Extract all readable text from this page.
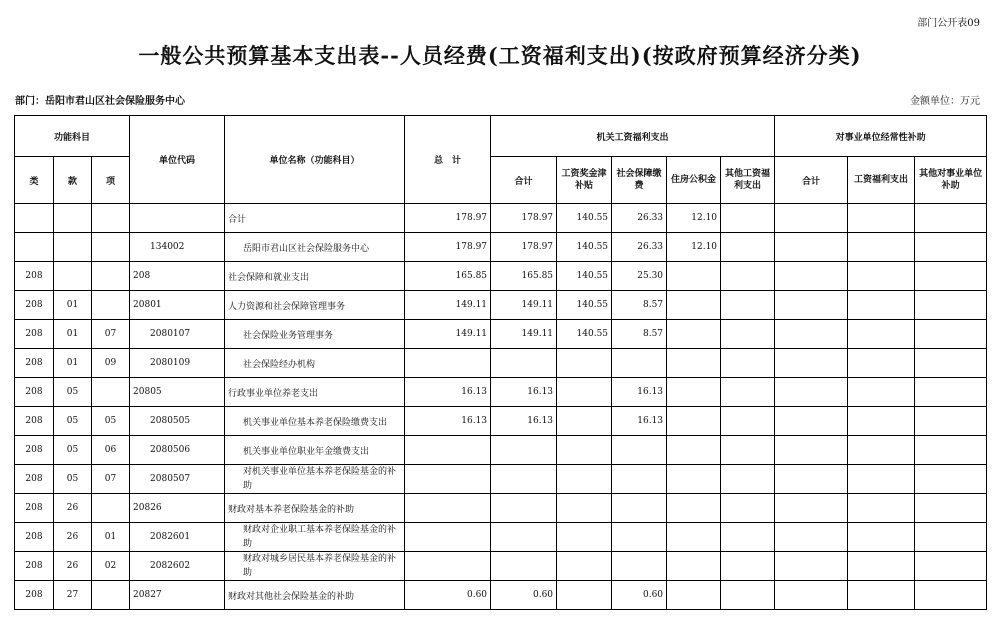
部门公开表09
一般公共预算基本支出表--人员经费(工资福利支出)(按政府预算经济分类)
部门：岳阳市君山区社会保险服务中心	金额单位：万元
功能科目			单位代码	单位名称（功能科目）	总　计	机关工资福利支出					对事业单位经常性补助		
类	款	项				合计	工资奖金津补贴	社会保障缴费	住房公积金	其他工资福利支出	合计	工资福利支出	其他对事业单位补助
				合计	178.97	178.97	140.55	26.33	12.10				
			134002	岳阳市君山区社会保险服务中心	178.97	178.97	140.55	26.33	12.10				
208			208	社会保障和就业支出	165.85	165.85	140.55	25.30					
208	01		20801	人力资源和社会保障管理事务	149.11	149.11	140.55	8.57					
208	01	07	2080107	社会保险业务管理事务	149.11	149.11	140.55	8.57					
208	01	09	2080109	社会保险经办机构									
208	05		20805	行政事业单位养老支出	16.13	16.13		16.13					
208	05	05	2080505	机关事业单位基本养老保险缴费支出	16.13	16.13		16.13					
208	05	06	2080506	机关事业单位职业年金缴费支出									
208	05	07	2080507	对机关事业单位基本养老保险基金的补助									
208	26		20826	财政对基本养老保险基金的补助									
208	26	01	2082601	财政对企业职工基本养老保险基金的补助									
208	26	02	2082602	财政对城乡居民基本养老保险基金的补助									
208	27		20827	财政对其他社会保险基金的补助	0.60	0.60		0.60					
